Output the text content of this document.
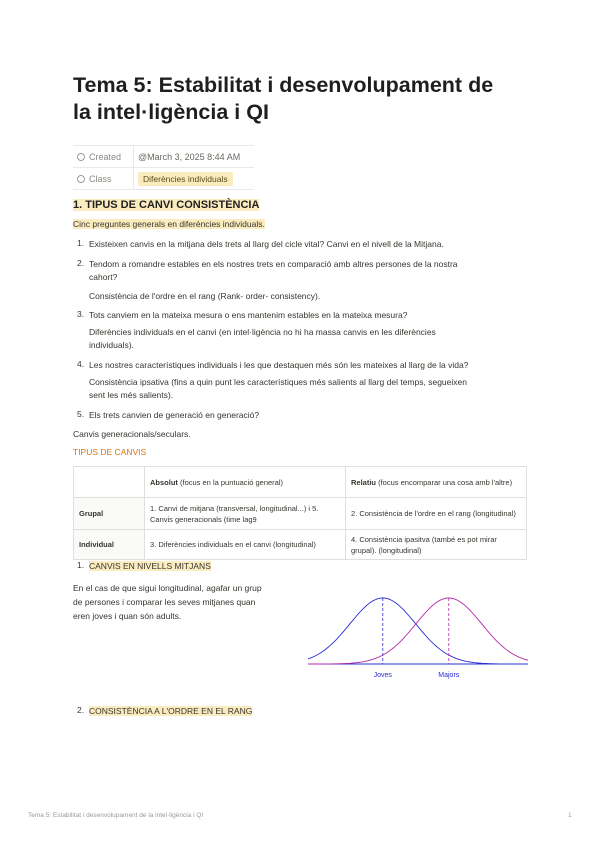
Tema 5: Estabilitat i desenvolupament de
la intel·ligència i QI
Created	@March 3, 2025 8:44 AM
Class	Diferències individuals
1. TIPUS DE CANVI CONSISTÈNCIA

Cinc preguntes generals en diferències individuals.

1. Existeixen canvis en la mitjana dels trets al llarg del cicle vital? Canvi en el nivell de la Mitjana.

2. Tendom a romandre estables en els nostres trets en comparació amb altres persones de la nostra

cahort?

Consistència de l'ordre en el rang (Rank- order- consistency).

3. Tots canviem en la mateixa mesura o ens mantenim estables en la mateixa mesura?

Diferències individuals en el canvi (en intel·ligència no hi ha massa canvis en les diferències

individuals).

4. Les nostres característiques individuals i les que destaquen més són les mateixes al llarg de la vida?

Consistència ipsativa (fins a quin punt les característiques més salients al llarg del temps, segueixen

sent les més salients).

5. Els trets canvien de generació en generació?

Canvis generacionals/seculars.

TIPUS DE CANVIS

	Absolut (focus en la puntuació general)	Relatiu (focus encomparar una cosa amb l'altre)
Grupal	1. Canvi de mitjana (transversal, longitudinal...) i 5. Canvis generacionals (time lag9	2. Consistència de l'ordre en el rang (longitudinal)
Individual	3. Diferències individuals en el canvi (longitudinal)	4. Consistència ipasitva (també es pot mirar grupal). (longitudinal)
1. CANVIS EN NIVELLS MITJANS

En el cas de que sigui longitudinal, agafar un grup

de persones i comparar les seves mitjanes quan

eren joves i quan són adults.

Joves	Majors
2. CONSISTÈNCIA A L'ORDRE EN EL RANG

Tema 5: Estabilitat i desenvolupament de la intel·ligència i QI	1
